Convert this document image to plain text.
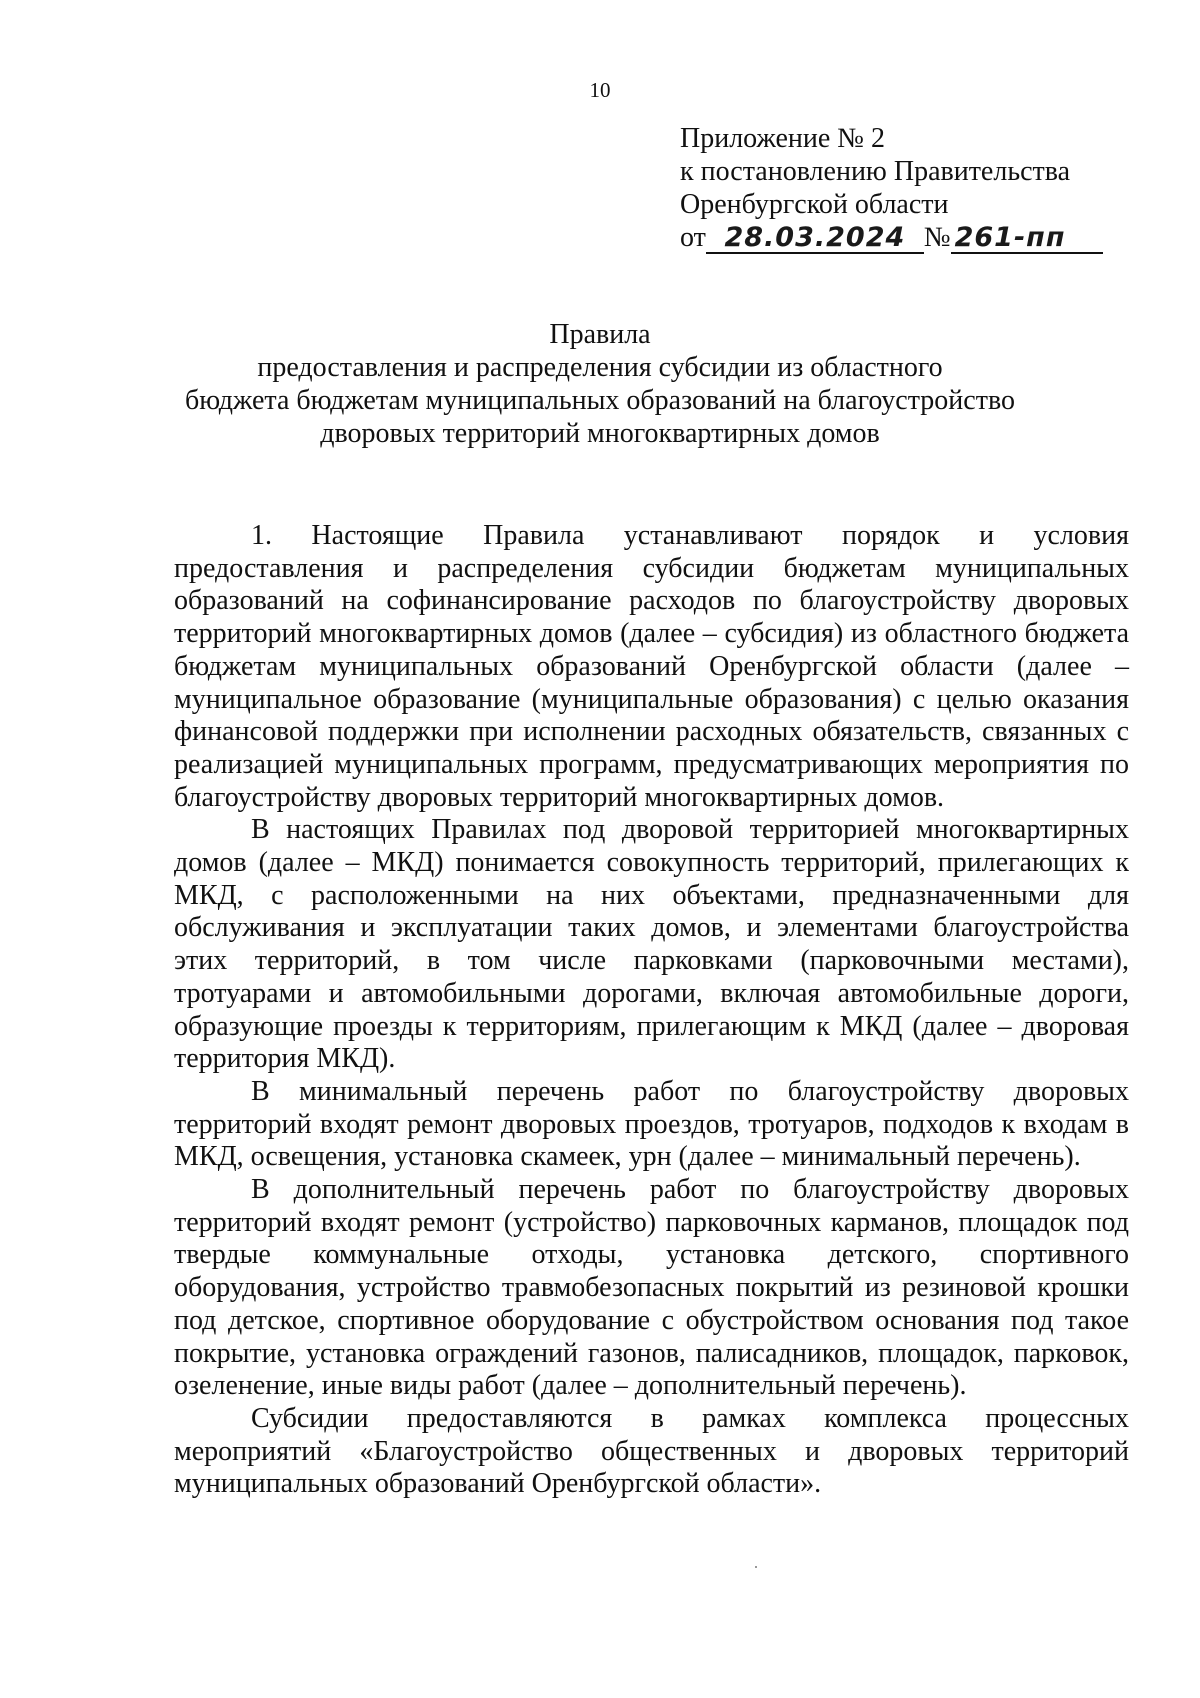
10
Приложение № 2
к постановлению Правительства
Оренбургской области
от 28.03.2024 № 261-пп
Правила
предоставления и распределения субсидии из областного
бюджета бюджетам муниципальных образований на благоустройство
дворовых территорий многоквартирных домов

1. Настоящие Правила устанавливают порядок и условия предоставления и распределения субсидии бюджетам муниципальных образований на софинансирование расходов по благоустройству дворовых территорий многоквартирных домов (далее – субсидия) из областного бюджета бюджетам муниципальных образований Оренбургской области (далее – муниципальное образование (муниципальные образования) с целью оказания финансовой поддержки при исполнении расходных обязательств, связанных с реализацией муниципальных программ, предусматривающих мероприятия по благоустройству дворовых территорий многоквартирных домов.

В настоящих Правилах под дворовой территорией многоквартирных домов (далее – МКД) понимается совокупность территорий, прилегающих к МКД, с расположенными на них объектами, предназначенными для обслуживания и эксплуатации таких домов, и элементами благоустройства этих территорий, в том числе парковками (парковочными местами), тротуарами и автомобильными дорогами, включая автомобильные дороги, образующие проезды к территориям, прилегающим к МКД (далее – дворовая территория МКД).

В минимальный перечень работ по благоустройству дворовых территорий входят ремонт дворовых проездов, тротуаров, подходов к входам в МКД, освещения, установка скамеек, урн (далее – минимальный перечень).

В дополнительный перечень работ по благоустройству дворовых территорий входят ремонт (устройство) парковочных карманов, площадок под твердые коммунальные отходы, установка детского, спортивного оборудования, устройство травмобезопасных покрытий из резиновой крошки под детское, спортивное оборудование с обустройством основания под такое покрытие, установка ограждений газонов, палисадников, площадок, парковок, озеленение, иные виды работ (далее – дополнительный перечень).

Субсидии предоставляются в рамках комплекса процессных мероприятий «Благоустройство общественных и дворовых территорий муниципальных образований Оренбургской области».
